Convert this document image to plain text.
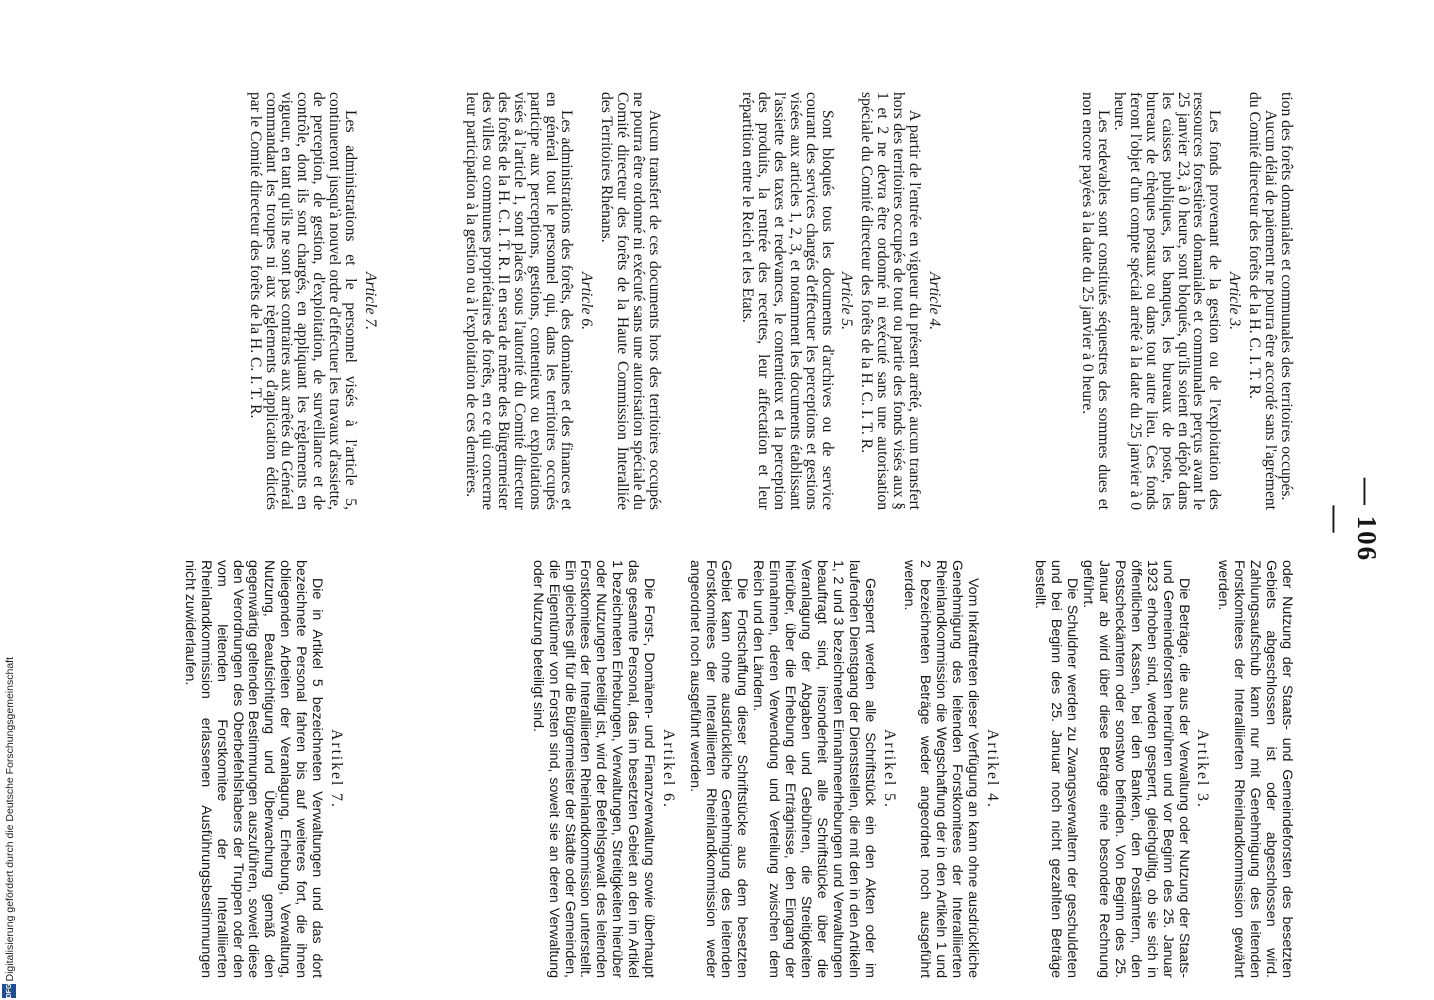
— 106 —

tion des forêts domaniales et communales des territoires occupés.

Aucun délai de paiement ne pourra être accordé sans l'agrément du Comité directeur des forêts de la H. C. I. T. R.

Article 3.

Les fonds provenant de la gestion ou de l'exploitation des ressources forestières domaniales et communales perçus avant le 25 janvier 23, à 0 heure, sont bloqués, qu'ils soient en dépôt dans les caisses publiques, les banques, les bureaux de poste, les bureaux de chèques postaux ou dans tout autre lieu. Ces fonds feront l'objet d'un compte spécial arrêté à la date du 25 janvier à 0 heure.

Les redevables sont constitués séquestres des sommes dues et non encore payées à la date du 25 janvier à 0 heure.

Article 4.

A partir de l'entrée en vigueur du présent arrêté, aucun transfert hors des territoires occupés de tout ou partie des fonds visés aux § 1 et 2 ne devra être ordonné ni exécuté sans une autorisation spéciale du Comité directeur des forêts de la H. C. I. T. R.

Article 5.

Sont bloqués tous les documents d'archives ou de service courant des services chargés d'effectuer les perceptions et gestions visées aux articles 1, 2, 3, et notamment les documents établissant l'assiette des taxes et redevances, le contentieux et la perception des produits, la rentrée des recettes, leur affectation et leur répartition entre le Reich et les Etats.

Aucun transfert de ces documents hors des territoires occupés ne pourra être ordonné ni exécuté sans une autorisation spéciale du Comité directeur des forêts de la Haute Commission Interalliée des Territoires Rhénans.

Article 6.

Les administrations des forêts, des domaines et des finances et en général tout le personnel qui, dans les territoires occupés participe aux perceptions, gestions, contentieux ou exploitations visés à l'article 1, sont placés sous l'autorité du Comité directeur des forêts de la H. C. I. T. R. Il en sera de même des Bürgermeister des villes ou communes propriétaires de forêts, en ce qui concerne leur participation à la gestion ou à l'exploitation de ces dernières.

Article 7.

Les administrations et le personnel visés à l'article 5, continueront jusqu'à nouvel ordre d'effectuer les travaux d'assiette, de perception, de gestion, d'exploitation, de surveillance et de contrôle, dont ils sont chargés, en appliquant les règlements en vigueur, en tant qu'ils ne sont pas contraires aux arrêtés du Général commandant les troupes ni aux règlements d'application édictés par le Comité directeur des forêts de la H. C. I. T. R.

oder Nutzung der Staats- und Gemeindeforsten des besetzten Gebiets abgeschlossen ist oder abgeschlossen wird. Zahlungsaufschub kann nur mit Genehmigung des leitenden Forstkomitees der Interalliierten Rheinlandkommission gewährt werden.

Artikel 3.

Die Beträge, die aus der Verwaltung oder Nutzung der Staats- und Gemeindeforsten herrühren und vor Beginn des 25. Januar 1923 erhoben sind, werden gesperrt, gleichgültig, ob sie sich in öffentlichen Kassen, bei den Banken, den Postämtern, den Postscheckämtern oder sonstwo befinden. Von Beginn des 25. Januar ab wird über diese Beträge eine besondere Rechnung geführt.

Die Schuldner werden zu Zwangsverwaltern der geschuldeten und bei Beginn des 25. Januar noch nicht gezahlten Beträge bestellt.

Artikel 4.

Vom Inkrafttreten dieser Verfügung an kann ohne ausdrückliche Genehmigung des leitenden Forstkomitees der Interalliierten Rheinlandkommission die Wegschaffung der in den Artikeln 1 und 2 bezeichneten Beträge weder angeordnet noch ausgeführt werden.

Artikel 5.

Gesperrt werden alle Schriftstück ein den Akten oder im laufenden Dienstgang der Dienststellen, die mit den in den Artikeln 1, 2 und 3 bezeichneten Einnahmeerhebungen und Verwaltungen beauftragt sind, insonderheit alle Schriftstücke über die Veranlagung der Abgaben und Gebühren, die Streitigkeiten hierüber, über die Erhebung der Erträgnisse, den Eingang der Einnahmen, deren Verwendung und Verteilung zwischen dem Reich und den Ländern.

Die Fortschaffung dieser Schriftstücke aus dem besetzten Gebiet kann ohne ausdrückliche Genehmigung des leitenden Forstkomitees der Interalliierten Rheinlandkommission weder angeordnet noch ausgeführt werden.

Artikel 6.

Die Forst-, Domänen- und Finanzverwaltung sowie überhaupt das gesamte Personal, das im besetzten Gebiet an den im Artikel 1 bezeichneten Erhebungen, Verwaltungen, Streitigkeiten hierüber oder Nutzungen beteiligt ist, wird der Befehlsgewalt des leitenden Forstkomitees der Interalliierten Rheinlandkommission unterstellt. Ein gleiches gilt für die Bürgermeister der Städte oder Gemeinden, die Eigentümer von Forsten sind, soweit sie an deren Verwaltung oder Nutzung beteiligt sind.

Artikel 7.

Die in Artikel 5 bezeichneten Verwaltungen und das dort bezeichnete Personal fahren bis auf weiteres fort, die ihnen obliegenden Arbeiten der Veranlagung, Erhebung, Verwaltung, Nutzung, Beaufsichtigung und Überwachung gemäß den gegenwärtig geltenden Bestimmungen auszuführen, soweit diese den Verordnungen des Oberbefehlshabers der Truppen oder den vom leitenden Forstkomitee der Interalliierten Rheinlandkommission erlassenen Ausführungsbestimmungen nicht zuwiderlaufen.

Digitalisierung gefördert durch die Deutsche Forschungsgemeinschaft
DFG
